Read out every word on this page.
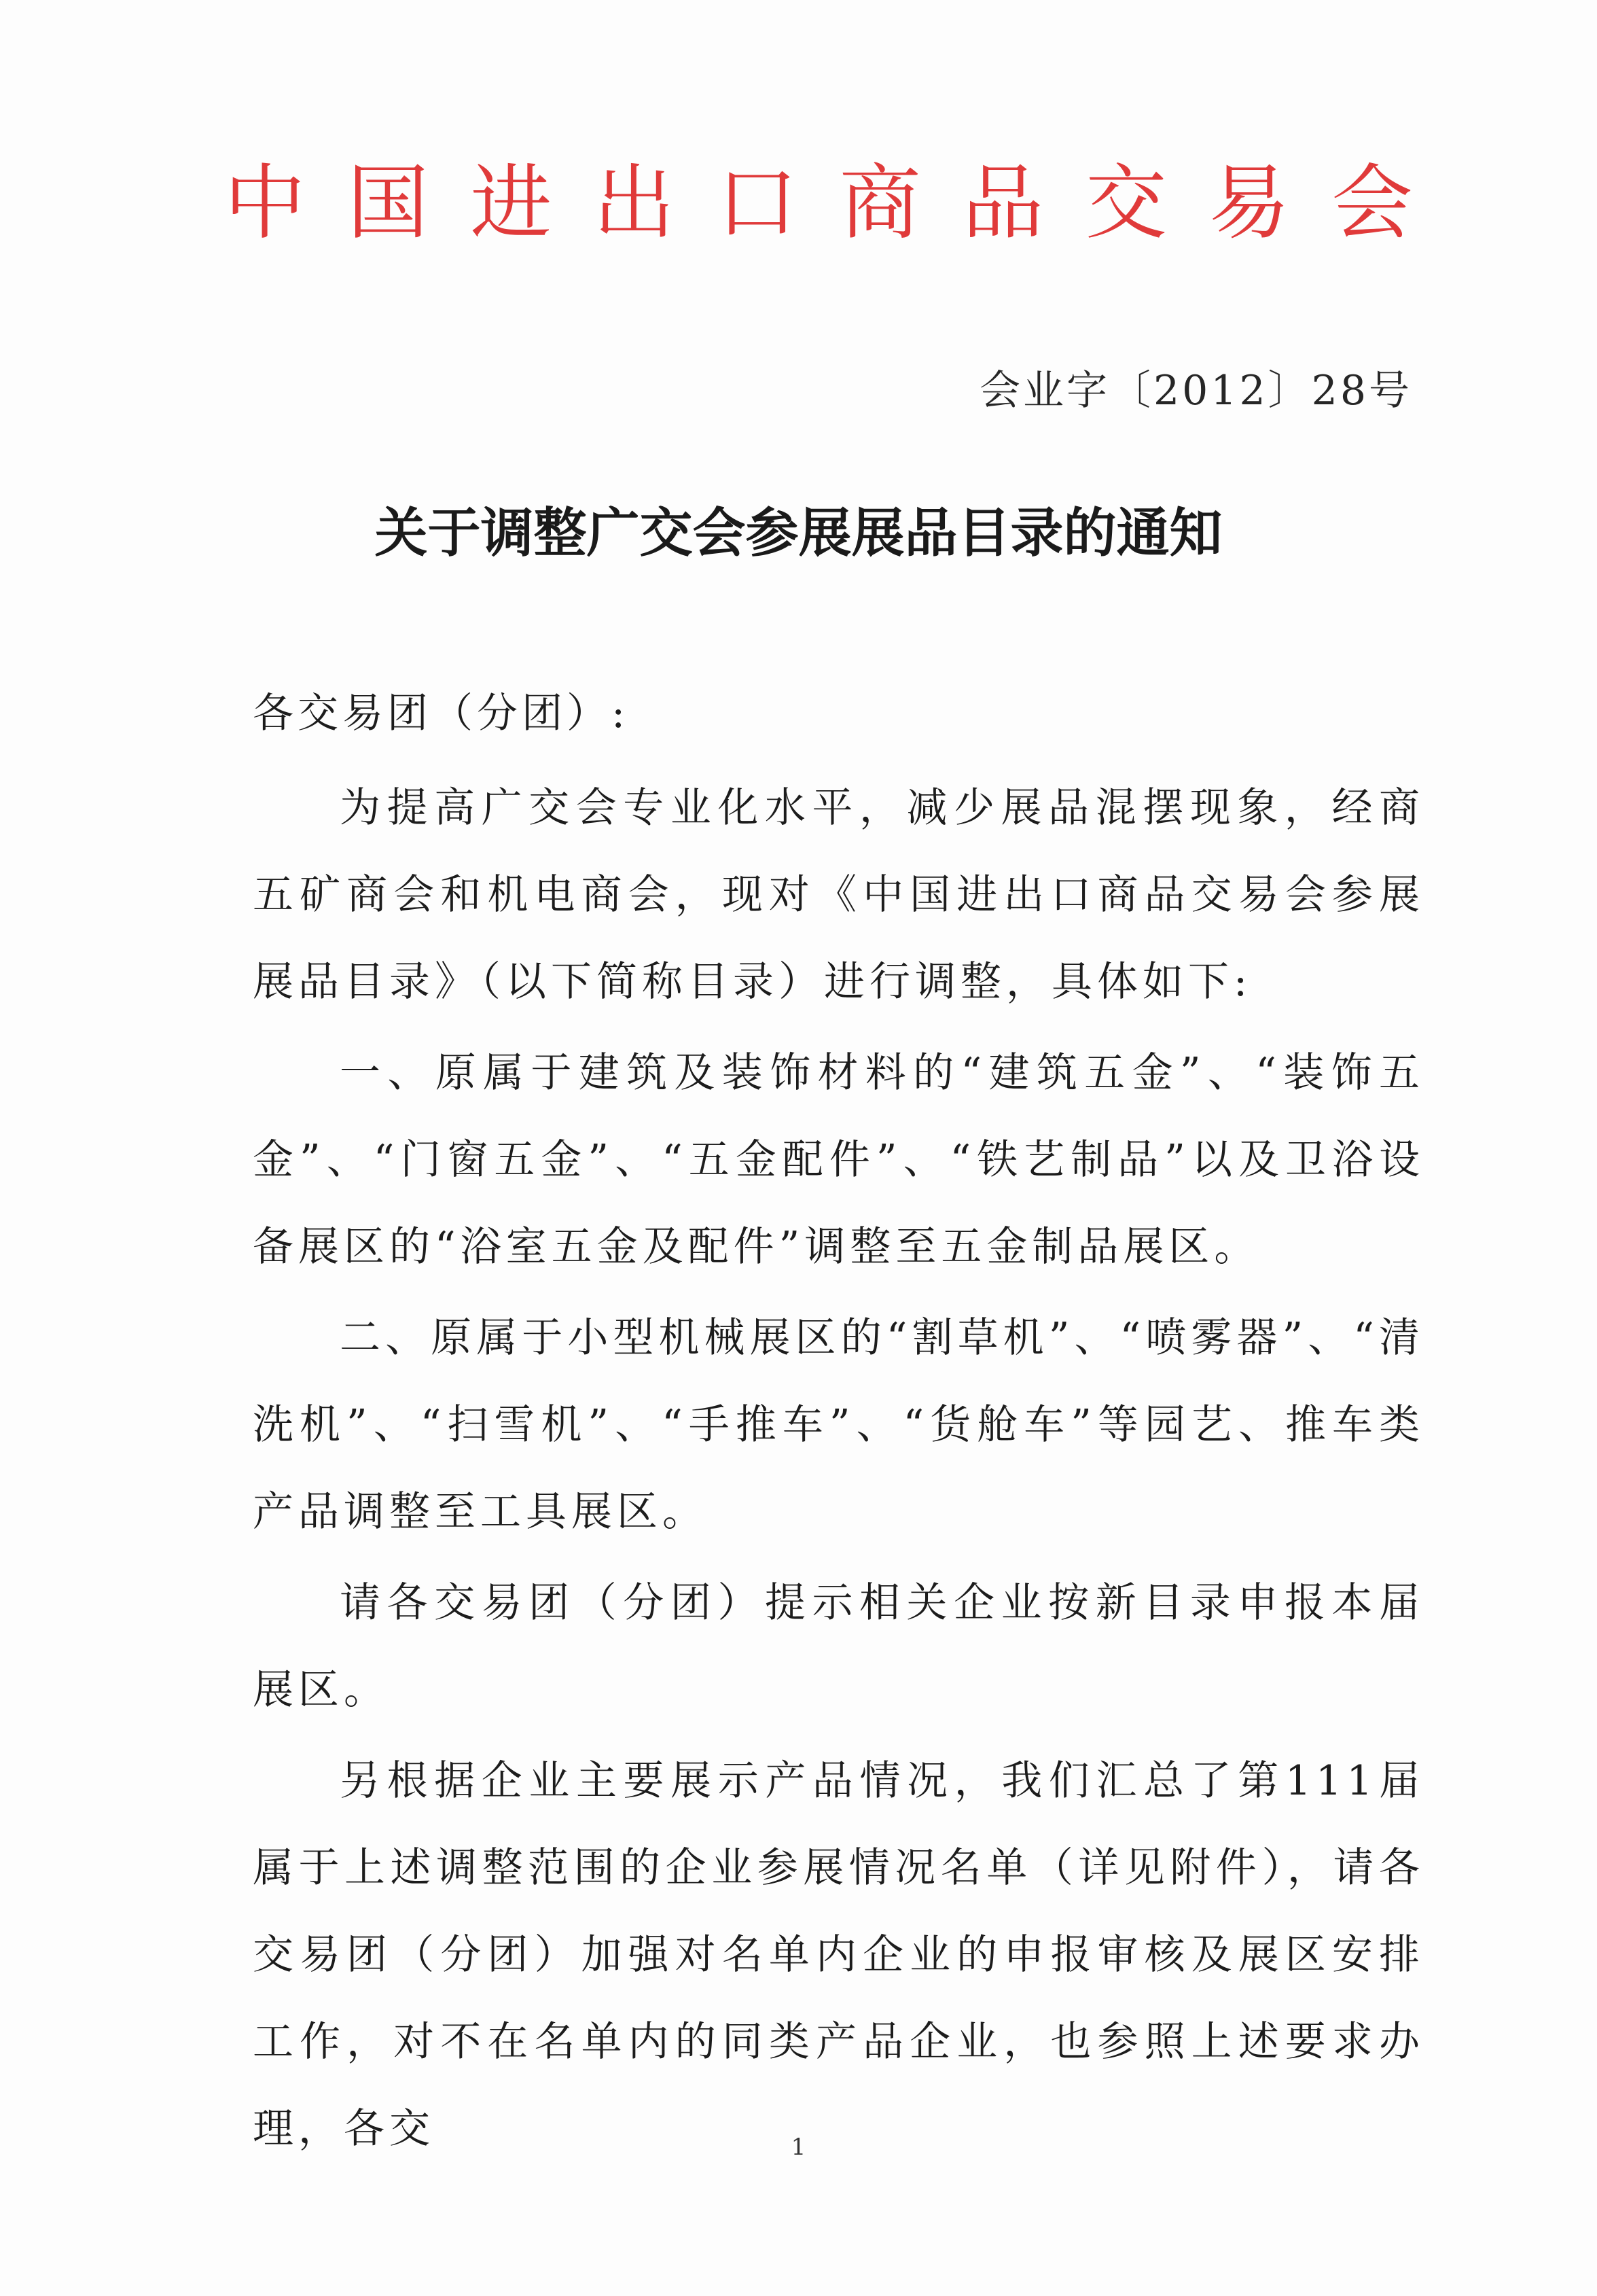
中 国 进 出 口 商 品 交 易 会
会业字〔2012〕28号
关于调整广交会参展展品目录的通知
各交易团（分团）:

为提高广交会专业化水平，减少展品混摆现象，经商五矿商会和机电商会，现对《中国进出口商品交易会参展展品目录》（以下简称目录）进行调整，具体如下:

一、原属于建筑及装饰材料的“建筑五金”、“装饰五金”、“门窗五金”、“五金配件”、“铁艺制品”以及卫浴设备展区的“浴室五金及配件”调整至五金制品展区。

二、原属于小型机械展区的“割草机”、“喷雾器”、“清洗机”、“扫雪机”、“手推车”、“货舱车”等园艺、推车类产品调整至工具展区。

请各交易团（分团）提示相关企业按新目录申报本届展区。

另根据企业主要展示产品情况，我们汇总了第111届属于上述调整范围的企业参展情况名单（详见附件），请各交易团（分团）加强对名单内企业的申报审核及展区安排工作，对不在名单内的同类产品企业，也参照上述要求办理，各交	1
